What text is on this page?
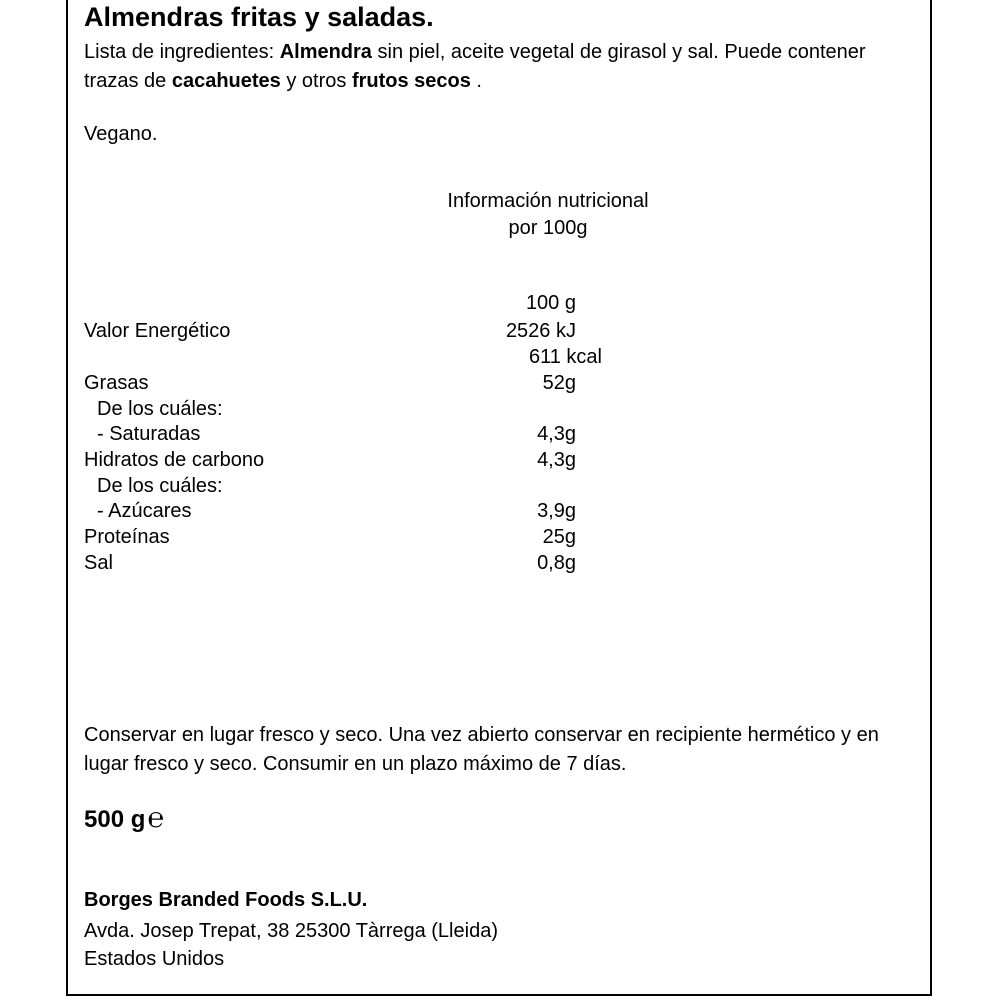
Almendras fritas y saladas.
Lista de ingredientes: Almendra sin piel, aceite vegetal de girasol y sal. Puede contener trazas de cacahuetes y otros frutos secos .
Vegano.
Información nutricional
por 100g
100 g
Valor Energético	2526 kJ
611 kcal
Grasas	52g
De los cuáles:
- Saturadas	4,3g
Hidratos de carbono	4,3g
De los cuáles:
- Azúcares	3,9g
Proteínas	25g
Sal	0,8g
Conservar en lugar fresco y seco. Una vez abierto conservar en recipiente hermético y en lugar fresco y seco. Consumir en un plazo máximo de 7 días.
500 g℮
Borges Branded Foods S.L.U.
Avda. Josep Trepat, 38 25300 Tàrrega (Lleida)
Estados Unidos
